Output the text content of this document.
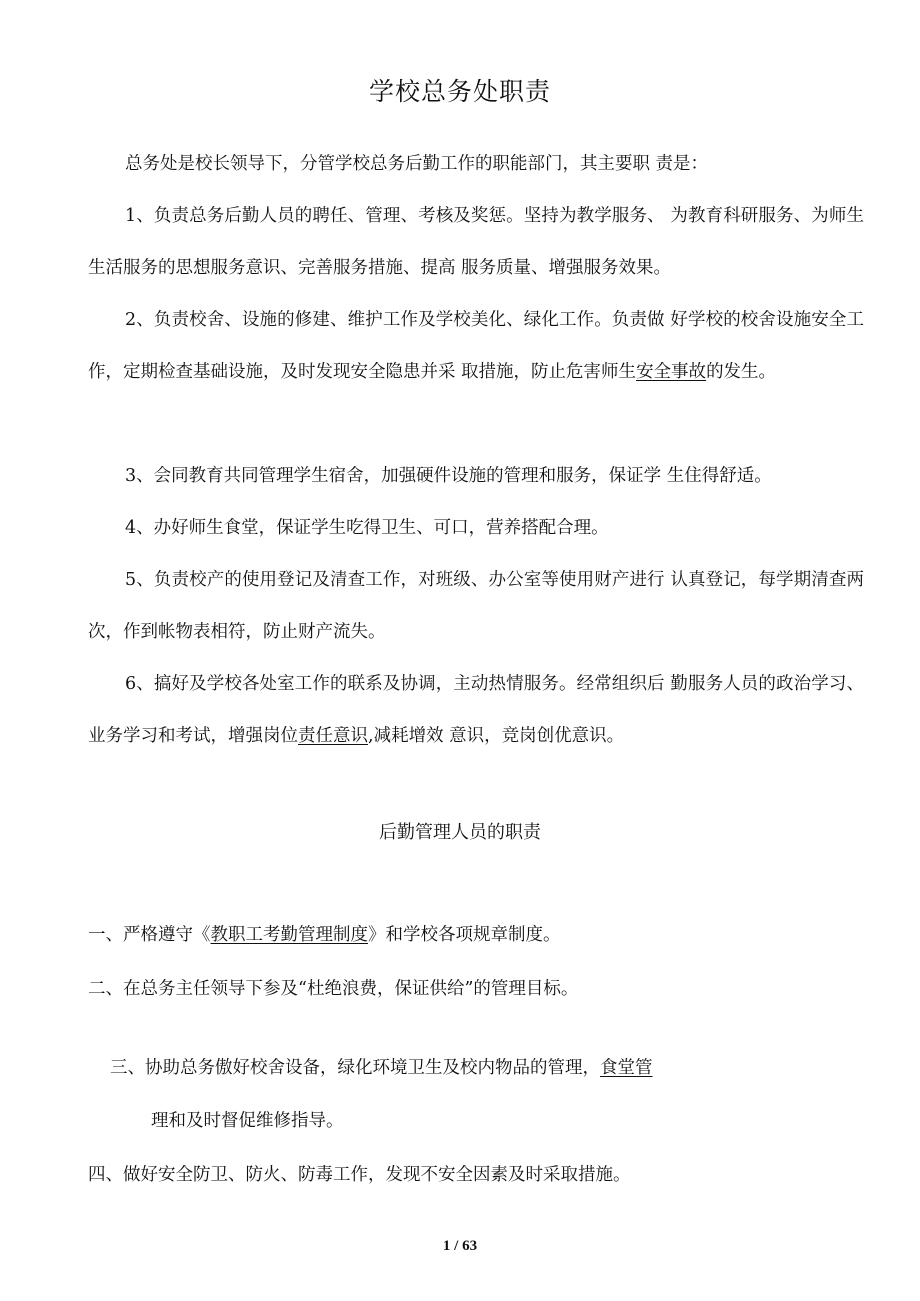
学校总务处职责
总务处是校长领导下，分管学校总务后勤工作的职能部门，其主要职 责是：
1、负责总务后勤人员的聘任、管理、考核及奖惩。坚持为教学服务、 为教育科研服务、为师生生活服务的思想服务意识、完善服务措施、提高 服务质量、增强服务效果。
2、负责校舍、设施的修建、维护工作及学校美化、绿化工作。负责做 好学校的校舍设施安全工作，定期检查基础设施，及时发现安全隐患并采 取措施，防止危害师生安全事故的发生。
3、会同教育共同管理学生宿舍，加强硬件设施的管理和服务，保证学 生住得舒适。
4、办好师生食堂，保证学生吃得卫生、可口，营养搭配合理。
5、负责校产的使用登记及清查工作，对班级、办公室等使用财产进行 认真登记，每学期清查两次，作到帐物表相符，防止财产流失。
6、搞好及学校各处室工作的联系及协调，主动热情服务。经常组织后 勤服务人员的政治学习、业务学习和考试，增强岗位责任意识,减耗增效 意识，竞岗创优意识。
后勤管理人员的职责
一、严格遵守《教职工考勤管理制度》和学校各项规章制度。
二、在总务主任领导下参及“杜绝浪费，保证供给”的管理目标。
三、协助总务傲好校舍设备，绿化环境卫生及校内物品的管理，食堂管
理和及时督促维修指导。
四、做好安全防卫、防火、防毒工作，发现不安全因素及时采取措施。
1 / 63
